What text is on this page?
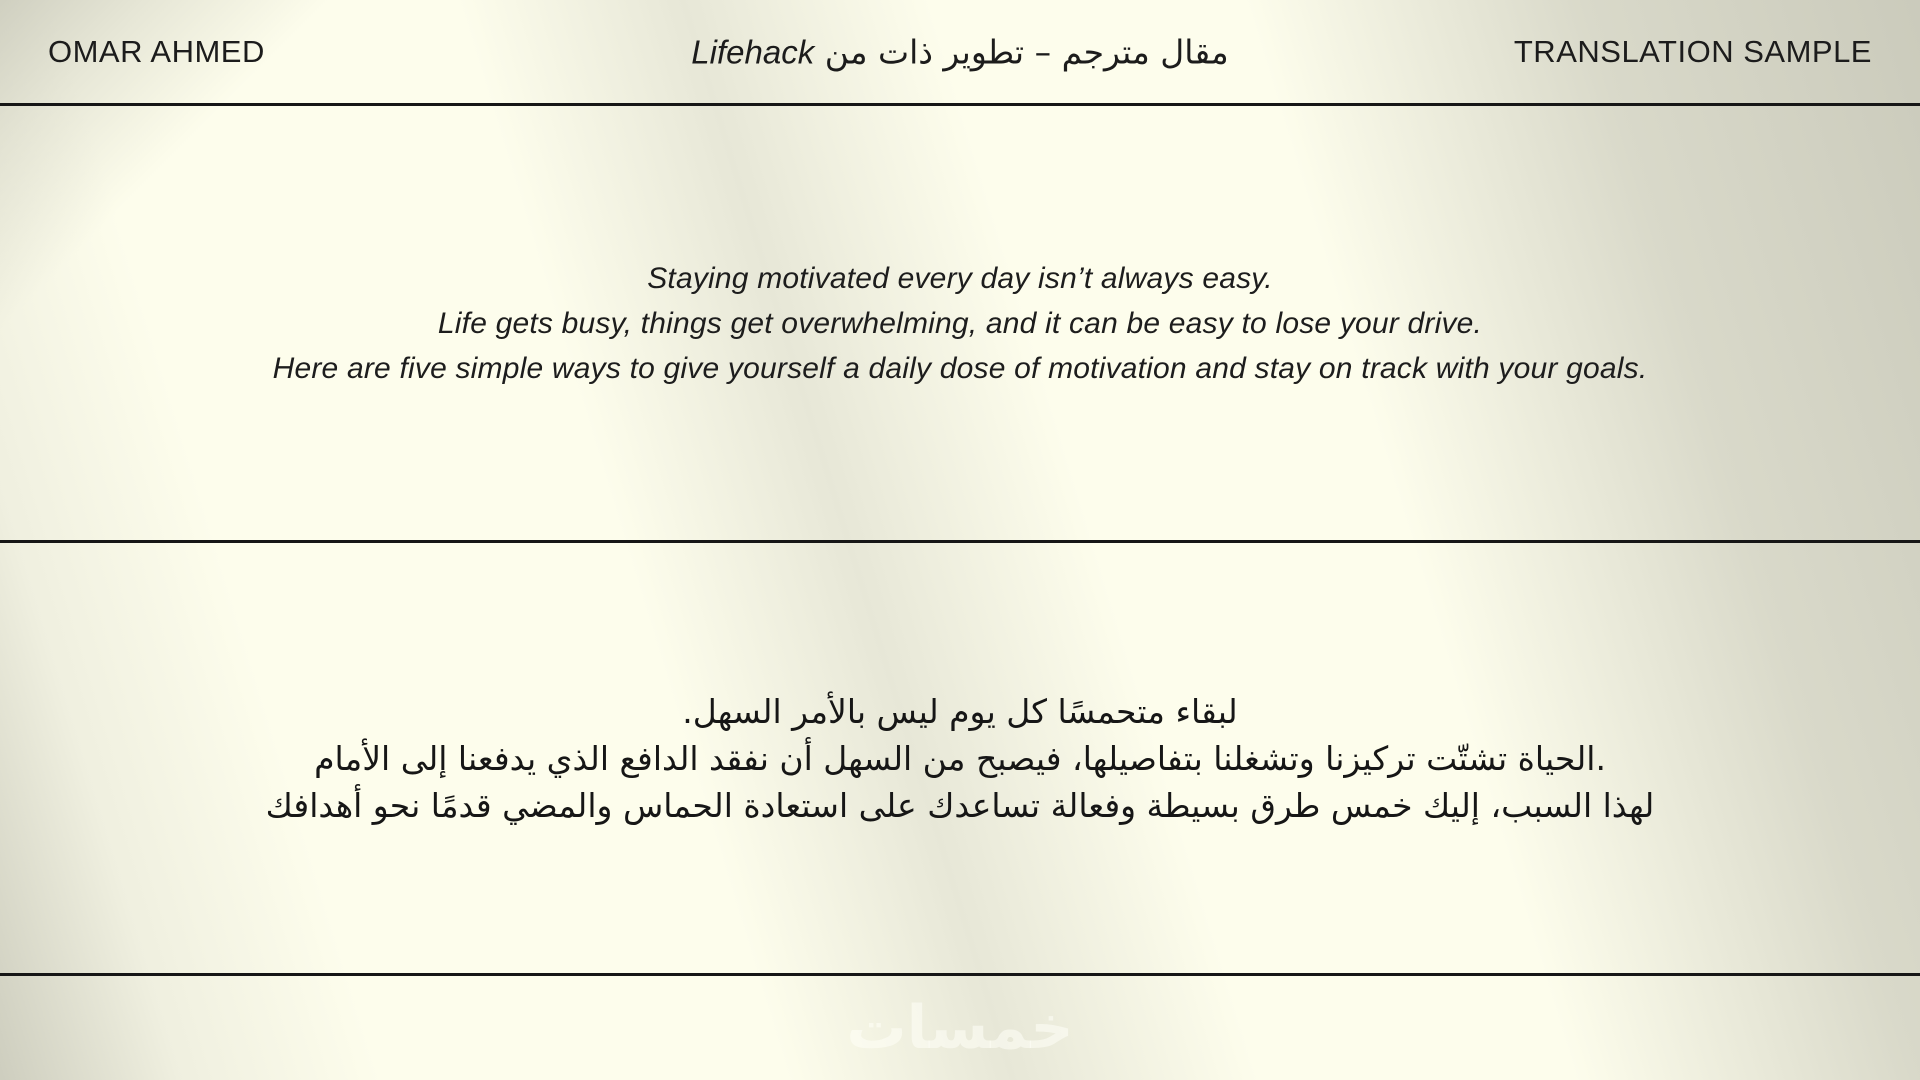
OMAR AHMED	مقال مترجم – تطوير ذات من Lifehack	TRANSLATION SAMPLE
Staying motivated every day isn’t always easy.
Life gets busy, things get overwhelming, and it can be easy to lose your drive.
Here are five simple ways to give yourself a daily dose of motivation and stay on track with your goals.
لبقاء متحمسًا كل يوم ليس بالأمر السهل.
.الحياة تشتّت تركيزنا وتشغلنا بتفاصيلها، فيصبح من السهل أن نفقد الدافع الذي يدفعنا إلى الأمام
لهذا السبب، إليك خمس طرق بسيطة وفعالة تساعدك على استعادة الحماس والمضي قدمًا نحو أهدافك
خمسات
